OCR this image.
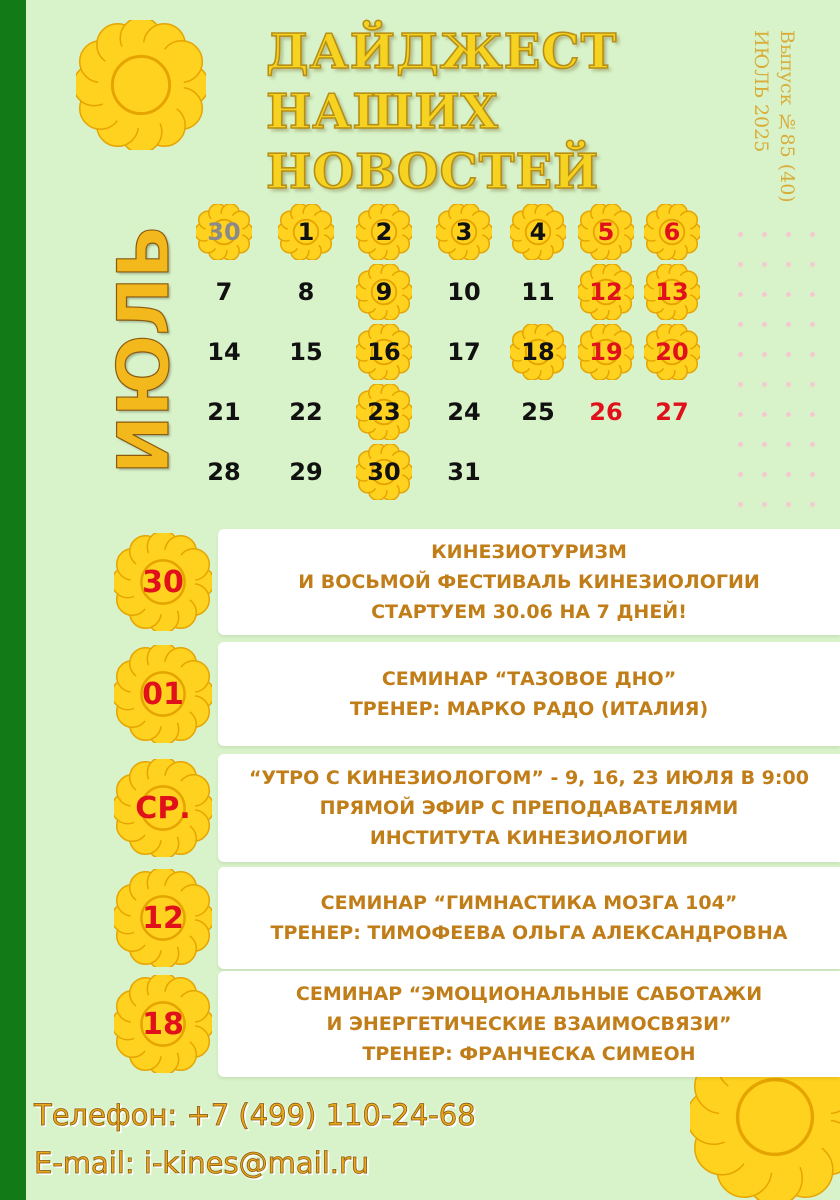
ДАЙДЖЕСТ
НАШИХ
НОВОСТЕЙ	Выпуск №85 (40)
ИЮЛЬ 2025
ИЮЛЬ 30 1	2	3 4 5 6
7	8	9 10 11 12 13
14 15 16 17 18 19 20
21 22 23 24 25 26 27
28 29 30 31
30
КИНЕЗИОТУРИЗМ
И ВОСЬМОЙ ФЕСТИВАЛЬ КИНЕЗИОЛОГИИ
СТАРТУЕМ 30.06 НА 7 ДНЕЙ!
01	СЕМИНАР “ТАЗОВОЕ ДНО”
ТРЕНЕР: МАРКО РАДО (ИТАЛИЯ)
СР.
“УТРО С КИНЕЗИОЛОГОМ” - 9, 16, 23 ИЮЛЯ В 9:00
ПРЯМОЙ ЭФИР С ПРЕПОДАВАТЕЛЯМИ
ИНСТИТУТА КИНЕЗИОЛОГИИ
12	СЕМИНАР “ГИМНАСТИКА МОЗГА 104”
ТРЕНЕР: ТИМОФЕЕВА ОЛЬГА АЛЕКСАНДРОВНА
18
СЕМИНАР “ЭМОЦИОНАЛЬНЫЕ САБОТАЖИ
И ЭНЕРГЕТИЧЕСКИЕ ВЗАИМОСВЯЗИ”
ТРЕНЕР: ФРАНЧЕСКА СИМЕОН
Телефон: +7 (499) 110-24-68
E-mail: i-kines@mail.ru
